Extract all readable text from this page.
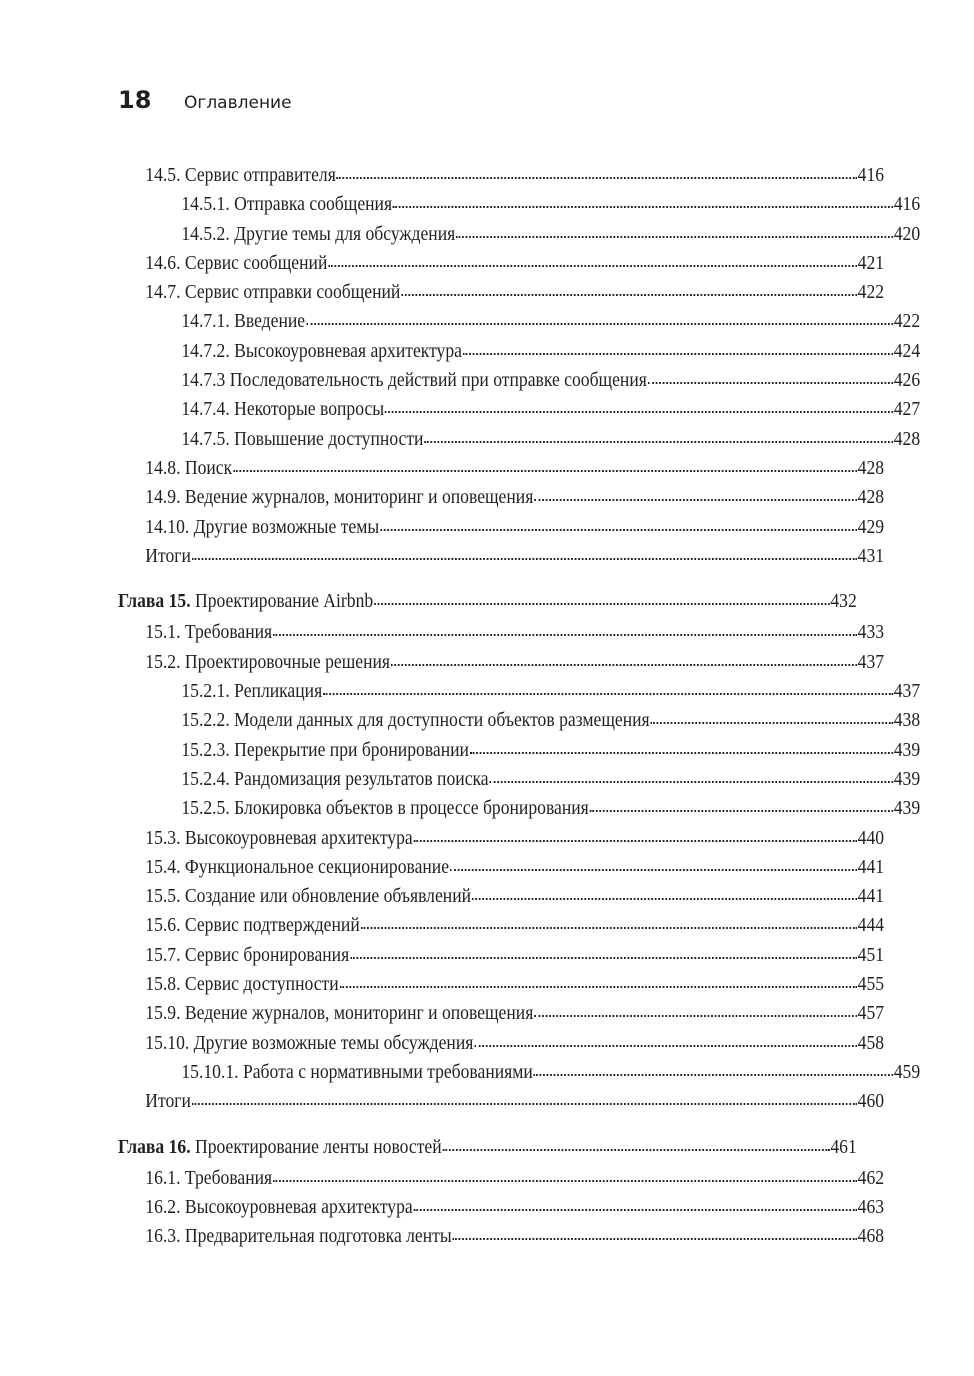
18	Оглавление
14.5. Сервис отправителя	416
14.5.1. Отправка сообщения	416
14.5.2. Другие темы для обсуждения	420
14.6. Сервис сообщений	421
14.7. Сервис отправки сообщений	422
14.7.1. Введение	422
14.7.2. Высокоуровневая архитектура	424
14.7.3 Последовательность действий при отправке сообщения	426
14.7.4. Некоторые вопросы	427
14.7.5. Повышение доступности	428
14.8. Поиск	428
14.9. Ведение журналов, мониторинг и оповещения	428
14.10. Другие возможные темы	429
Итоги	431
Глава 15. Проектирование Airbnb	432
15.1. Требования	433
15.2. Проектировочные решения	437
15.2.1. Репликация	437
15.2.2. Модели данных для доступности объектов размещения	438
15.2.3. Перекрытие при бронировании	439
15.2.4. Рандомизация результатов поиска	439
15.2.5. Блокировка объектов в процессе бронирования	439
15.3. Высокоуровневая архитектура	440
15.4. Функциональное секционирование	441
15.5. Создание или обновление объявлений	441
15.6. Сервис подтверждений	444
15.7. Сервис бронирования	451
15.8. Сервис доступности	455
15.9. Ведение журналов, мониторинг и оповещения	457
15.10. Другие возможные темы обсуждения	458
15.10.1. Работа с нормативными требованиями	459
Итоги	460
Глава 16. Проектирование ленты новостей	461
16.1. Требования	462
16.2. Высокоуровневая архитектура	463
16.3. Предварительная подготовка ленты	468
